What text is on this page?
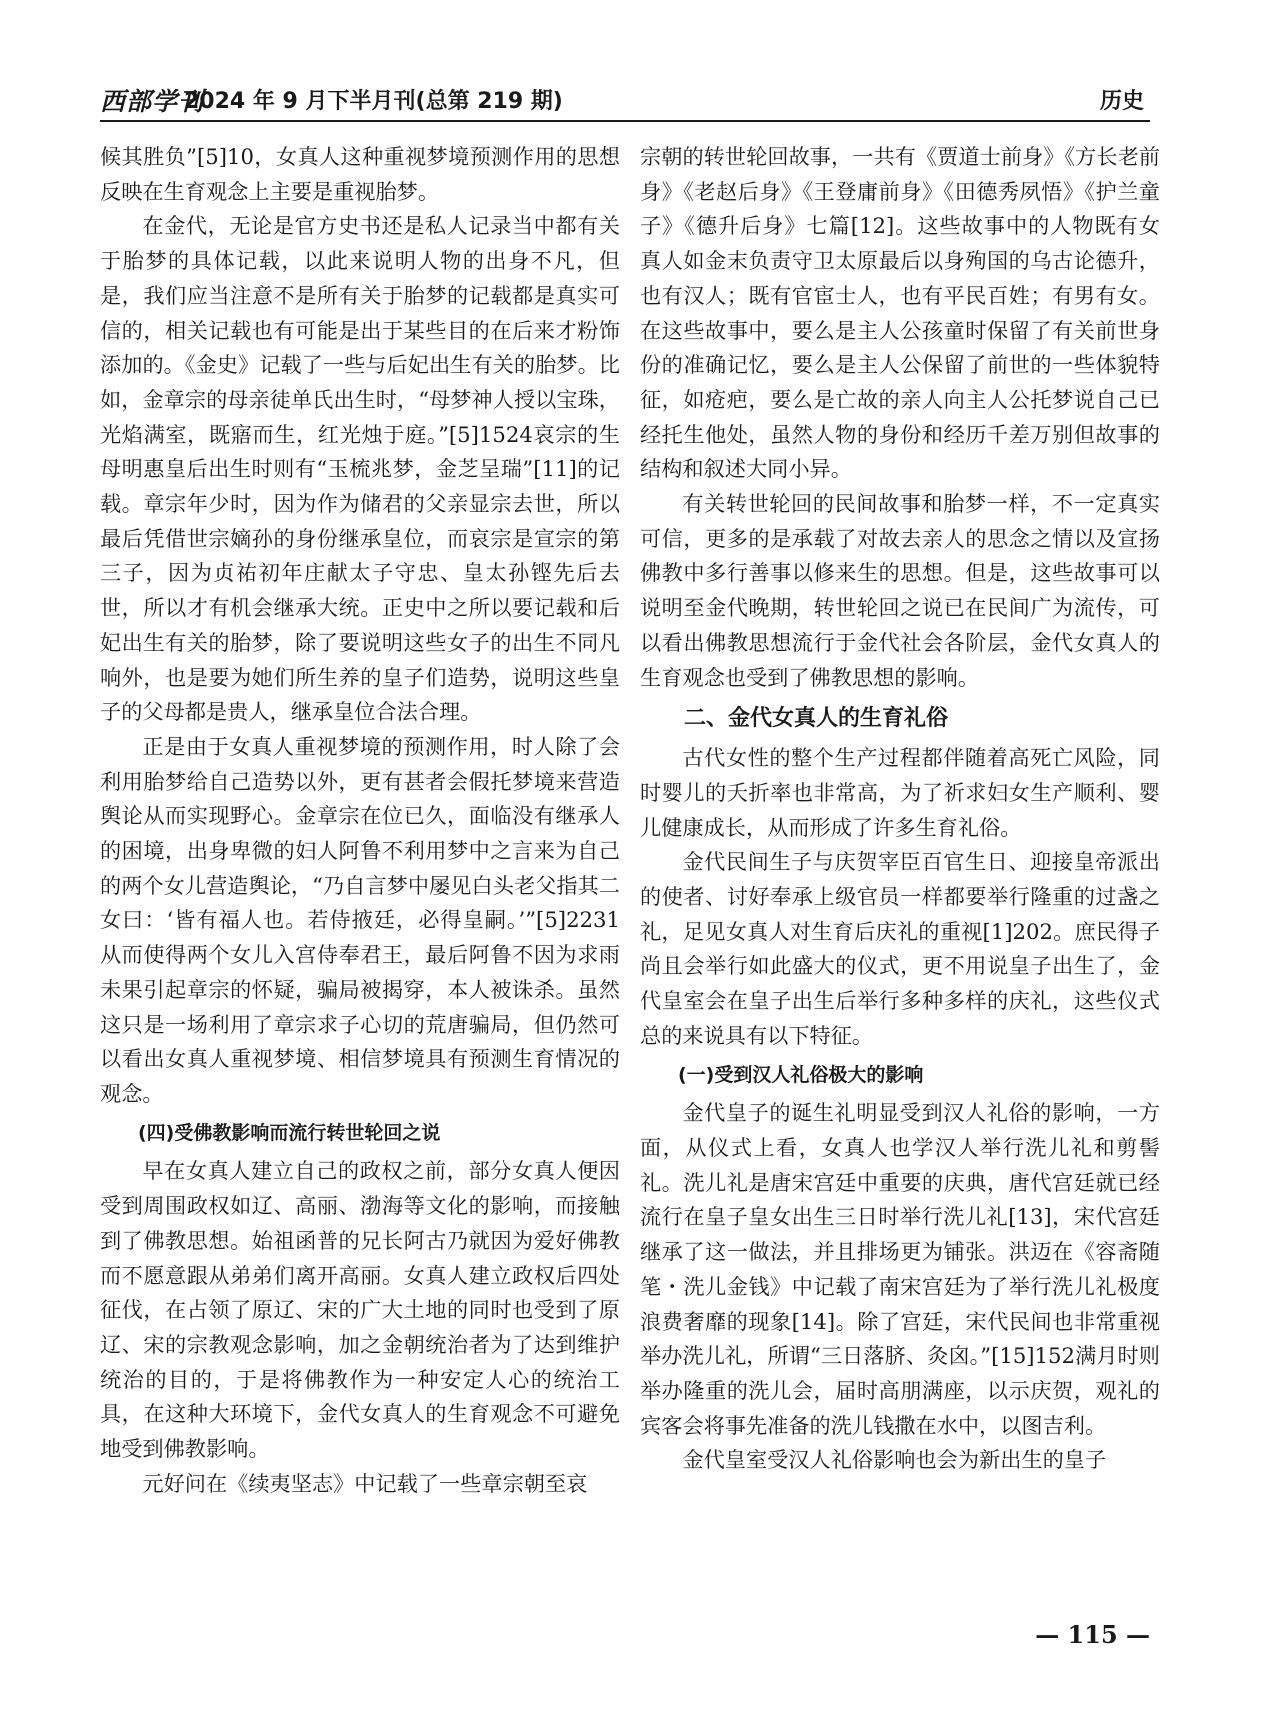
西部学刊
2024 年 9 月下半月刊(总第 219 期)	历史

候其胜负”[5]10，女真人这种重视梦境预测作用的思想反映在生育观念上主要是重视胎梦。

在金代，无论是官方史书还是私人记录当中都有关于胎梦的具体记载，以此来说明人物的出身不凡，但是，我们应当注意不是所有关于胎梦的记载都是真实可信的，相关记载也有可能是出于某些目的在后来才粉饰添加的。《金史》记载了一些与后妃出生有关的胎梦。比如，金章宗的母亲徒单氏出生时，“母梦神人授以宝珠，光焰满室，既寤而生，红光烛于庭。”[5]1524哀宗的生母明惠皇后出生时则有“玉梳兆梦，金芝呈瑞”[11]的记载。章宗年少时，因为作为储君的父亲显宗去世，所以最后凭借世宗嫡孙的身份继承皇位，而哀宗是宣宗的第三子，因为贞祐初年庄献太子守忠、皇太孙铿先后去世，所以才有机会继承大统。正史中之所以要记载和后妃出生有关的胎梦，除了要说明这些女子的出生不同凡响外，也是要为她们所生养的皇子们造势，说明这些皇子的父母都是贵人，继承皇位合法合理。

正是由于女真人重视梦境的预测作用，时人除了会利用胎梦给自己造势以外，更有甚者会假托梦境来营造舆论从而实现野心。金章宗在位已久，面临没有继承人的困境，出身卑微的妇人阿鲁不利用梦中之言来为自己的两个女儿营造舆论，“乃自言梦中屡见白头老父指其二女曰：‘皆有福人也。若侍掖廷，必得皇嗣。’”[5]2231从而使得两个女儿入宫侍奉君王，最后阿鲁不因为求雨未果引起章宗的怀疑，骗局被揭穿，本人被诛杀。虽然这只是一场利用了章宗求子心切的荒唐骗局，但仍然可以看出女真人重视梦境、相信梦境具有预测生育情况的观念。

(四)受佛教影响而流行转世轮回之说

早在女真人建立自己的政权之前，部分女真人便因受到周围政权如辽、高丽、渤海等文化的影响，而接触到了佛教思想。始祖函普的兄长阿古乃就因为爱好佛教而不愿意跟从弟弟们离开高丽。女真人建立政权后四处征伐，在占领了原辽、宋的广大土地的同时也受到了原辽、宋的宗教观念影响，加之金朝统治者为了达到维护统治的目的，于是将佛教作为一种安定人心的统治工具，在这种大环境下，金代女真人的生育观念不可避免地受到佛教影响。

元好问在《续夷坚志》中记载了一些章宗朝至哀

宗朝的转世轮回故事，一共有《贾道士前身》《方长老前身》《老赵后身》《王登庸前身》《田德秀夙悟》《护兰童子》《德升后身》七篇[12]。这些故事中的人物既有女真人如金末负责守卫太原最后以身殉国的乌古论德升，也有汉人；既有官宦士人，也有平民百姓；有男有女。在这些故事中，要么是主人公孩童时保留了有关前世身份的准确记忆，要么是主人公保留了前世的一些体貌特征，如疮疤，要么是亡故的亲人向主人公托梦说自己已经托生他处，虽然人物的身份和经历千差万别但故事的结构和叙述大同小异。

有关转世轮回的民间故事和胎梦一样，不一定真实可信，更多的是承载了对故去亲人的思念之情以及宣扬佛教中多行善事以修来生的思想。但是，这些故事可以说明至金代晚期，转世轮回之说已在民间广为流传，可以看出佛教思想流行于金代社会各阶层，金代女真人的生育观念也受到了佛教思想的影响。

二、金代女真人的生育礼俗

古代女性的整个生产过程都伴随着高死亡风险，同时婴儿的夭折率也非常高，为了祈求妇女生产顺利、婴儿健康成长，从而形成了许多生育礼俗。

金代民间生子与庆贺宰臣百官生日、迎接皇帝派出的使者、讨好奉承上级官员一样都要举行隆重的过盏之礼，足见女真人对生育后庆礼的重视[1]202。庶民得子尚且会举行如此盛大的仪式，更不用说皇子出生了，金代皇室会在皇子出生后举行多种多样的庆礼，这些仪式总的来说具有以下特征。

(一)受到汉人礼俗极大的影响

金代皇子的诞生礼明显受到汉人礼俗的影响，一方面，从仪式上看，女真人也学汉人举行洗儿礼和剪髻礼。洗儿礼是唐宋宫廷中重要的庆典，唐代宫廷就已经流行在皇子皇女出生三日时举行洗儿礼[13]，宋代宫廷继承了这一做法，并且排场更为铺张。洪迈在《容斋随笔・洗儿金钱》中记载了南宋宫廷为了举行洗儿礼极度浪费奢靡的现象[14]。除了宫廷，宋代民间也非常重视举办洗儿礼，所谓“三日落脐、灸囟。”[15]152满月时则举办隆重的洗儿会，届时高朋满座，以示庆贺，观礼的宾客会将事先准备的洗儿钱撒在水中，以图吉利。

金代皇室受汉人礼俗影响也会为新出生的皇子

— 115 —
